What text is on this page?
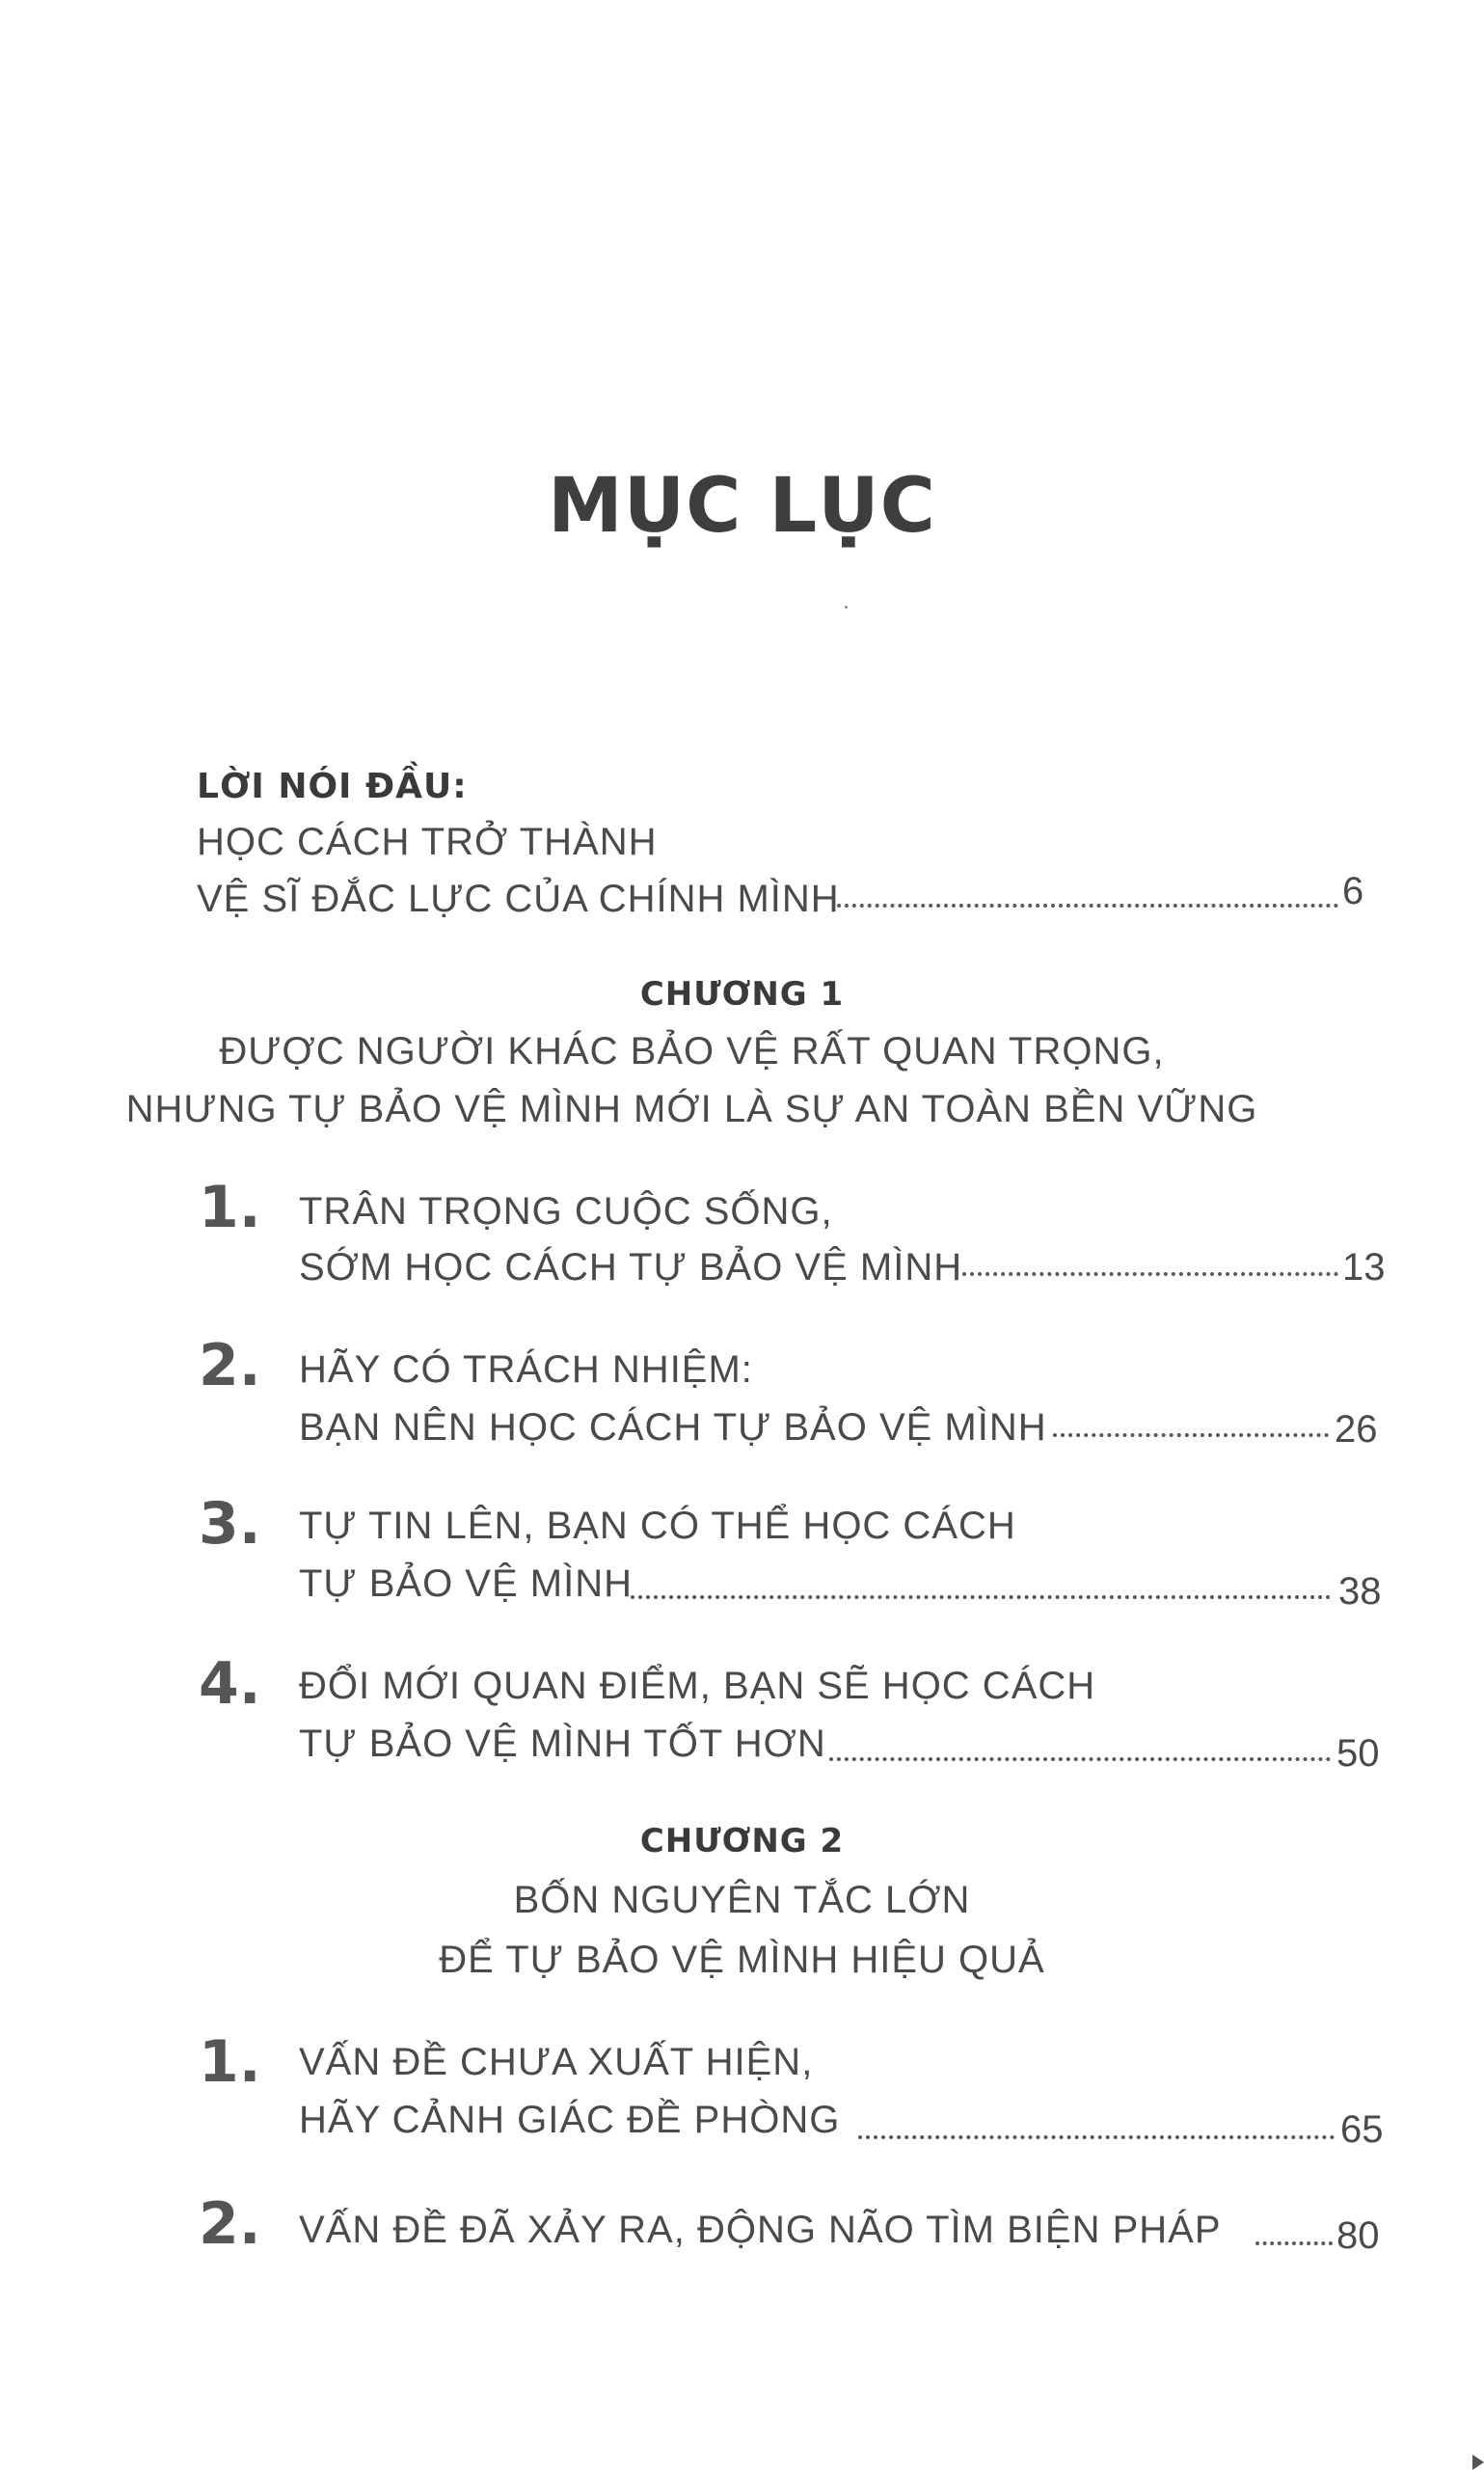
MỤC LỤC
LỜI NÓI ĐẦU:
HỌC CÁCH TRỞ THÀNH
VỆ SĨ ĐẮC LỰC CỦA CHÍNH MÌNH	6
CHƯƠNG 1
ĐƯỢC NGƯỜI KHÁC BẢO VỆ RẤT QUAN TRỌNG,
NHƯNG TỰ BẢO VỆ MÌNH MỚI LÀ SỰ AN TOÀN BỀN VỮNG
1. TRÂN TRỌNG CUỘC SỐNG,
SỚM HỌC CÁCH TỰ BẢO VỆ MÌNH	13
2. HÃY CÓ TRÁCH NHIỆM:
BẠN NÊN HỌC CÁCH TỰ BẢO VỆ MÌNH	26
3. TỰ TIN LÊN, BẠN CÓ THỂ HỌC CÁCH
TỰ BẢO VỆ MÌNH	38
4. ĐỔI MỚI QUAN ĐIỂM, BẠN SẼ HỌC CÁCH
TỰ BẢO VỆ MÌNH TỐT HƠN	50
CHƯƠNG 2
BỐN NGUYÊN TẮC LỚN
ĐỂ TỰ BẢO VỆ MÌNH HIỆU QUẢ
1. VẤN ĐỀ CHƯA XUẤT HIỆN,
HÃY CẢNH GIÁC ĐỀ PHÒNG	65
2. VẤN ĐỀ ĐÃ XẢY RA, ĐỘNG NÃO TÌM BIỆN PHÁP	80
